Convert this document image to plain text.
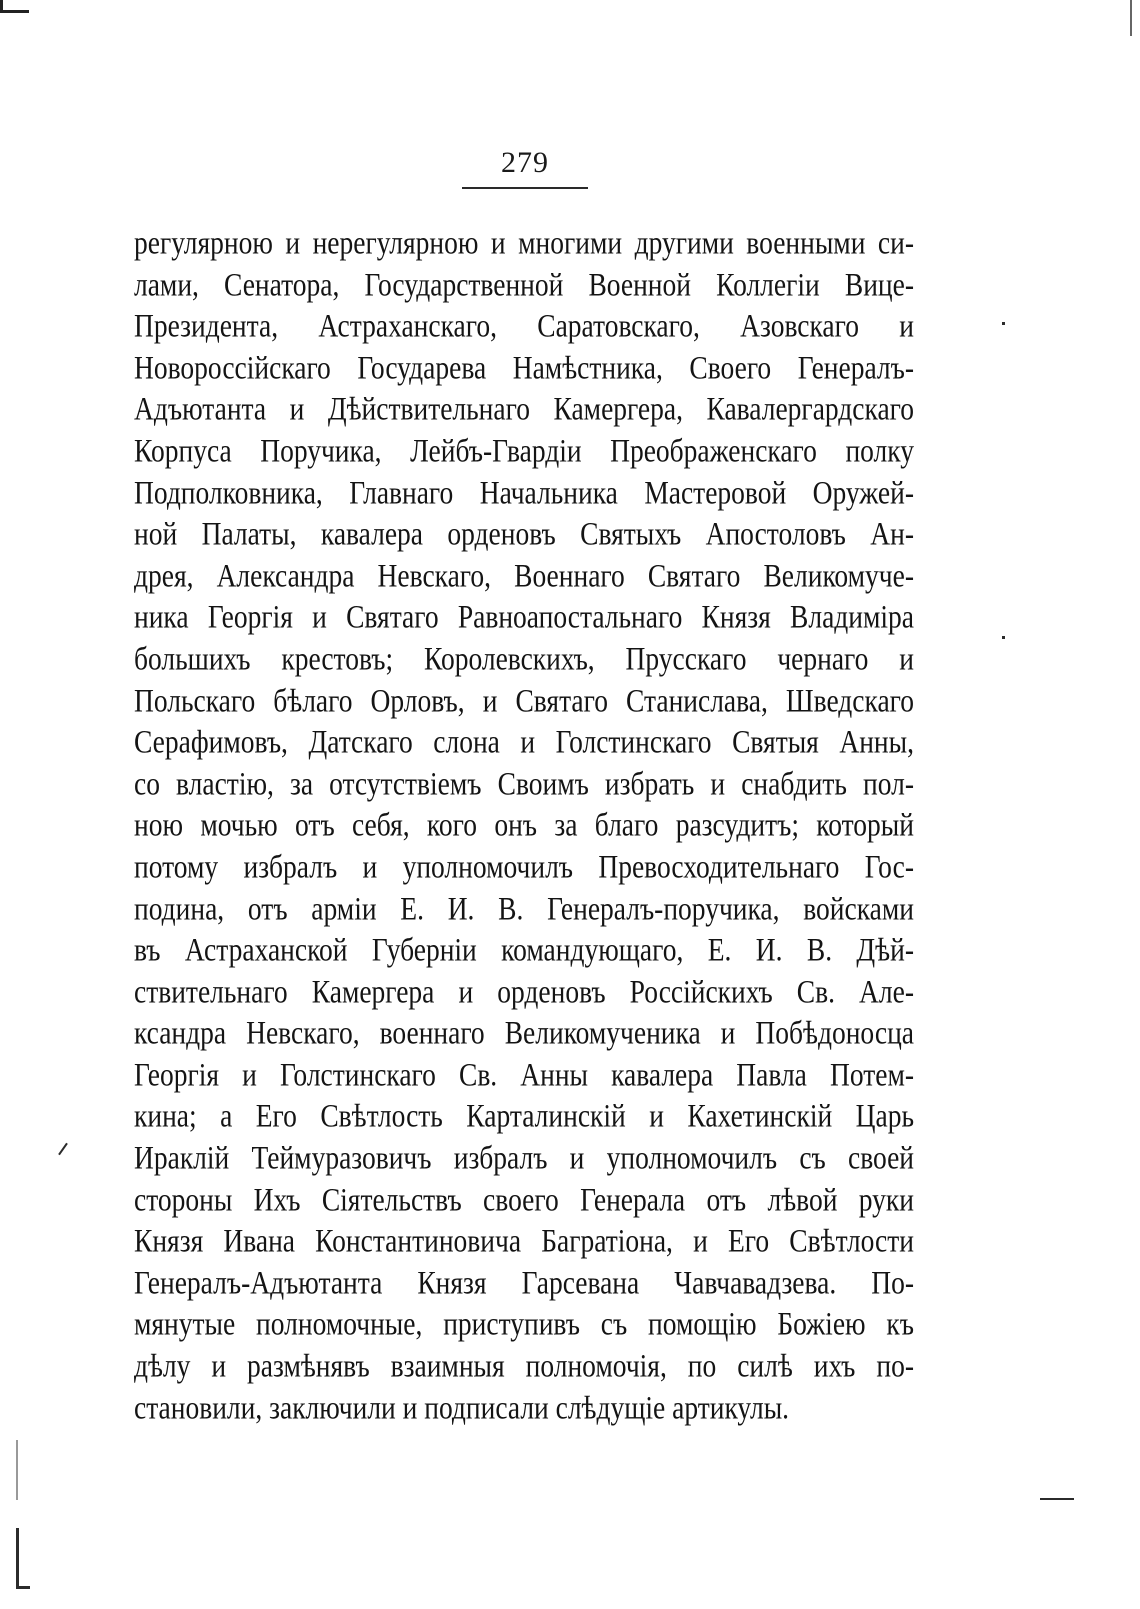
279
регулярною и нерегулярною и многими другими военными си-
лами, Сенатора, Государственной Военной Коллегіи Вице-
Президента, Астраханскаго, Саратовскаго, Азовскаго и
Новороссійскаго Государева Намѣстника, Своего Генералъ-
Адъютанта и Дѣйствительнаго Камергера, Кавалергардскаго
Корпуса Поручика, Лейбъ-Гвардіи Преображенскаго полку
Подполковника, Главнаго Начальника Мастеровой Оружей-
ной Палаты, кавалера орденовъ Святыхъ Апостоловъ Ан-
дрея, Александра Невскаго, Военнаго Святаго Великомуче-
ника Георгія и Святаго Равноапостальнаго Князя Владиміра
большихъ крестовъ; Королевскихъ, Прусскаго чернаго и
Польскаго бѣлаго Орловъ, и Святаго Станислава, Шведскаго
Серафимовъ, Датскаго слона и Голстинскаго Святыя Анны,
со властію, за отсутствіемъ Своимъ избрать и снабдить пол-
ною мочью отъ себя, кого онъ за благо разсудитъ; который
потому избралъ и уполномочилъ Превосходительнаго Гос-
подина, отъ арміи Е. И. В. Генералъ-поручика, войсками
въ Астраханской Губерніи командующаго, Е. И. В. Дѣй-
ствительнаго Камергера и орденовъ Россійскихъ Св. Але-
ксандра Невскаго, военнаго Великомученика и Побѣдоносца
Георгія и Голстинскаго Св. Анны кавалера Павла Потем-
кина; а Его Свѣтлость Карталинскій и Кахетинскій Царь
Ираклій Теймуразовичъ избралъ и уполномочилъ съ своей
стороны Ихъ Сіятельствъ своего Генерала отъ лѣвой руки
Князя Ивана Константиновича Багратіона, и Его Свѣтлости
Генералъ-Адъютанта Князя Гарсевана Чавчавадзева. По-
мянутые полномочные, приступивъ съ помощію Божіею къ
дѣлу и размѣнявъ взаимныя полномочія, по силѣ ихъ по-
становили, заключили и подписали слѣдущіе артикулы.
